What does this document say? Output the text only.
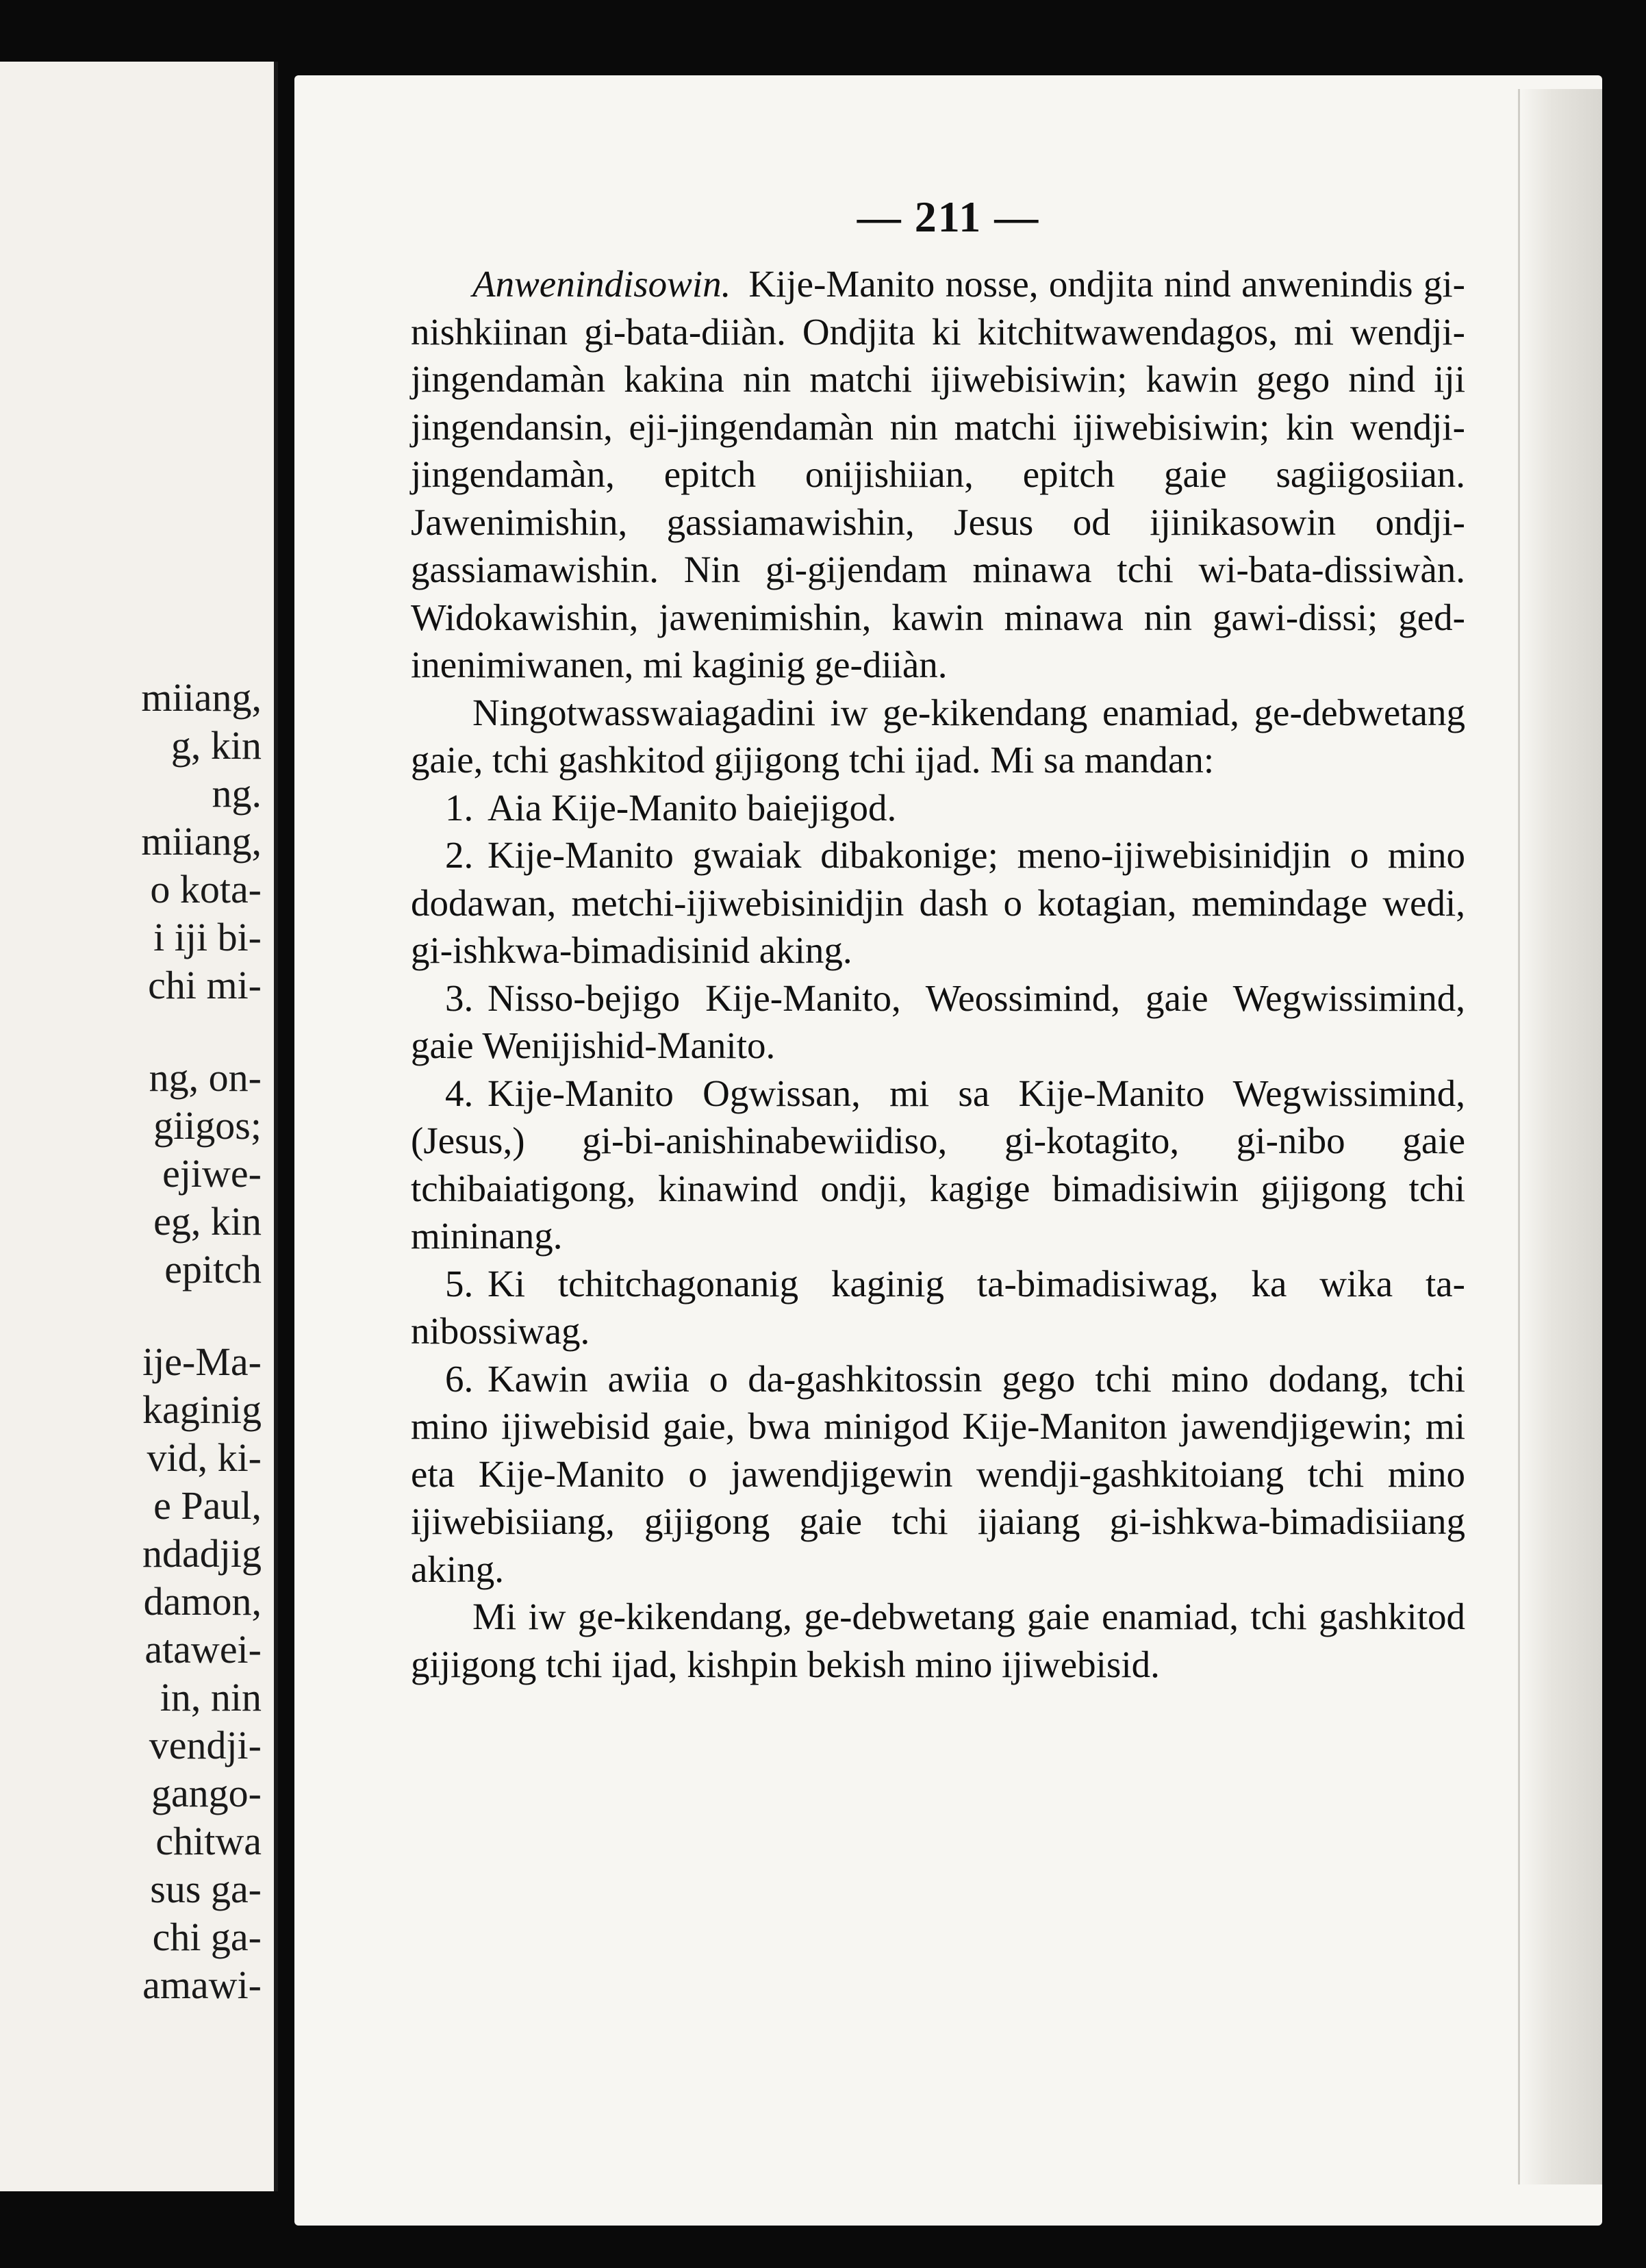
miiang,
g, kin
ng.
miiang,
o kota-
i iji bi-
chi mi-
ng, on-
giigos;
ejiwe-
eg, kin
epitch
ije-Ma-
kaginig
vid, ki-
e Paul,
ndadjig
damon,
atawei-
in, nin
vendji-
gango-
chitwa
sus ga-
chi ga-
amawi-
— 211 —

Anwenindisowin. Kije-Manito nosse, ondjita nind anwenindis gi-nishkiinan gi-bata-diiàn. Ondjita ki kitchitwawendagos, mi wendji-jingendamàn kakina nin matchi ijiwebisiwin; kawin gego nind iji jingendansin, eji-jingendamàn nin matchi ijiwebisiwin; kin wendji-jingendamàn, epitch onijishiian, epitch gaie sagiigosiian. Jawenimishin, gassiamawishin, Jesus od ijinikasowin ondji-gassiamawishin. Nin gi-gijendam minawa tchi wi-bata-dissiwàn. Widokawishin, jawenimishin, kawin minawa nin gawi-dissi; ged-inenimiwanen, mi kaginig ge-diiàn.

Ningotwasswaiagadini iw ge-kikendang enamiad, ge-debwetang gaie, tchi gashkitod gijigong tchi ijad. Mi sa mandan:

1. Aia Kije-Manito baiejigod.

2. Kije-Manito gwaiak dibakonige; meno-ijiwebisinidjin o mino dodawan, metchi-ijiwebisinidjin dash o kotagian, memindage wedi, gi-ishkwa-bimadisinid aking.

3. Nisso-bejigo Kije-Manito, Weossimind, gaie Wegwissimind, gaie Wenijishid-Manito.

4. Kije-Manito Ogwissan, mi sa Kije-Manito Wegwissimind, (Jesus,) gi-bi-anishinabewiidiso, gi-kotagito, gi-nibo gaie tchibaiatigong, kinawind ondji, kagige bimadisiwin gijigong tchi mininang.

5. Ki tchitchagonanig kaginig ta-bimadisiwag, ka wika ta-nibossiwag.

6. Kawin awiia o da-gashkitossin gego tchi mino dodang, tchi mino ijiwebisid gaie, bwa minigod Kije-Maniton jawendjigewin; mi eta Kije-Manito o jawendjigewin wendji-gashkitoiang tchi mino ijiwebisiiang, gijigong gaie tchi ijaiang gi-ishkwa-bimadisiiang aking.

Mi iw ge-kikendang, ge-debwetang gaie enamiad, tchi gashkitod gijigong tchi ijad, kishpin bekish mino ijiwebisid.
